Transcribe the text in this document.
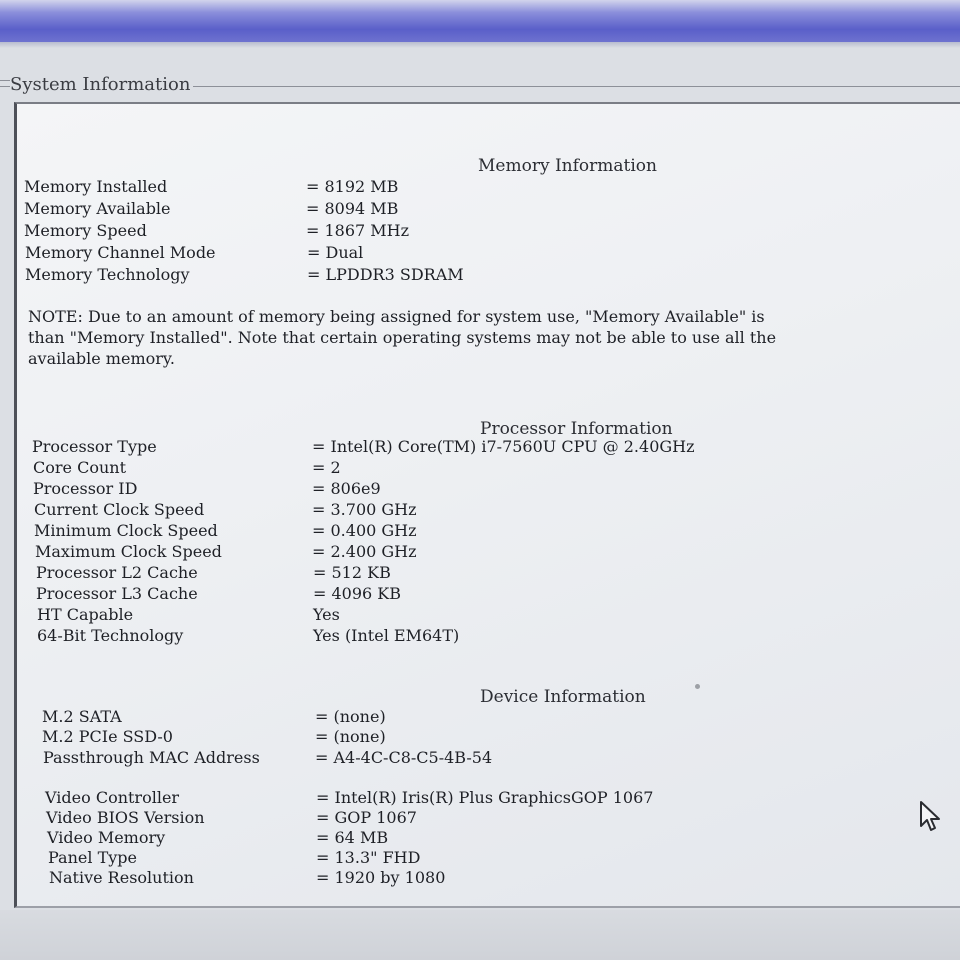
System Information
Memory Information
Memory Installed	= 8192 MB
Memory Available	= 8094 MB
Memory Speed	= 1867 MHz
Memory Channel Mode	= Dual
Memory Technology	= LPDDR3 SDRAM
NOTE: Due to an amount of memory being assigned for system use, "Memory Available" is
than "Memory Installed". Note that certain operating systems may not be able to use all the
available memory.
Processor Information
Processor Type	= Intel(R) Core(TM) i7-7560U CPU @ 2.40GHz
Core Count	= 2
Processor ID	= 806e9
Current Clock Speed	= 3.700 GHz
Minimum Clock Speed	= 0.400 GHz
Maximum Clock Speed	= 2.400 GHz
Processor L2 Cache	= 512 KB
Processor L3 Cache	= 4096 KB
HT Capable	Yes
64-Bit Technology	Yes (Intel EM64T)
Device Information
M.2 SATA	= (none)
M.2 PCIe SSD-0	= (none)
Passthrough MAC Address	= A4-4C-C8-C5-4B-54
Video Controller	= Intel(R) Iris(R) Plus GraphicsGOP 1067
Video BIOS Version	= GOP 1067
Video Memory	= 64 MB
Panel Type	= 13.3" FHD
Native Resolution	= 1920 by 1080
